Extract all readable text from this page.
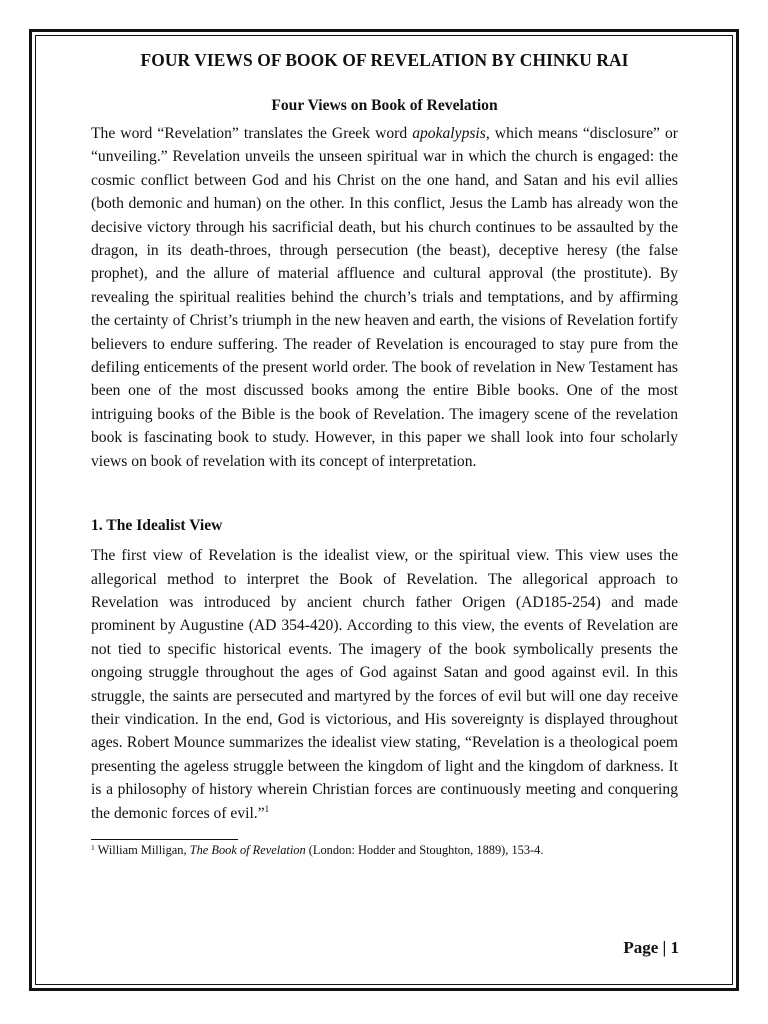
FOUR VIEWS OF BOOK OF REVELATION BY CHINKU RAI
Four Views on Book of Revelation

The word “Revelation” translates the Greek word apokalypsis, which means “disclosure” or “unveiling.” Revelation unveils the unseen spiritual war in which the church is engaged: the cosmic conflict between God and his Christ on the one hand, and Satan and his evil allies (both demonic and human) on the other. In this conflict, Jesus the Lamb has already won the decisive victory through his sacrificial death, but his church continues to be assaulted by the dragon, in its death-throes, through persecution (the beast), deceptive heresy (the false prophet), and the allure of material affluence and cultural approval (the prostitute). By revealing the spiritual realities behind the church’s trials and temptations, and by affirming the certainty of Christ’s triumph in the new heaven and earth, the visions of Revelation fortify believers to endure suffering. The reader of Revelation is encouraged to stay pure from the defiling enticements of the present world order. The book of revelation in New Testament has been one of the most discussed books among the entire Bible books. One of the most intriguing books of the Bible is the book of Revelation. The imagery scene of the revelation book is fascinating book to study. However, in this paper we shall look into four scholarly views on book of revelation with its concept of interpretation.

1. The Idealist View

The first view of Revelation is the idealist view, or the spiritual view. This view uses the allegorical method to interpret the Book of Revelation. The allegorical approach to Revelation was introduced by ancient church father Origen (AD185-254) and made prominent by Augustine (AD 354-420). According to this view, the events of Revelation are not tied to specific historical events. The imagery of the book symbolically presents the ongoing struggle throughout the ages of God against Satan and good against evil. In this struggle, the saints are persecuted and martyred by the forces of evil but will one day receive their vindication. In the end, God is victorious, and His sovereignty is displayed throughout ages. Robert Mounce summarizes the idealist view stating, “Revelation is a theological poem presenting the ageless struggle between the kingdom of light and the kingdom of darkness. It is a philosophy of history wherein Christian forces are continuously meeting and conquering the demonic forces of evil.”$^1$

$^1$ William Milligan, The Book of Revelation (London: Hodder and Stoughton, 1889), 153-4.
Page | 1
